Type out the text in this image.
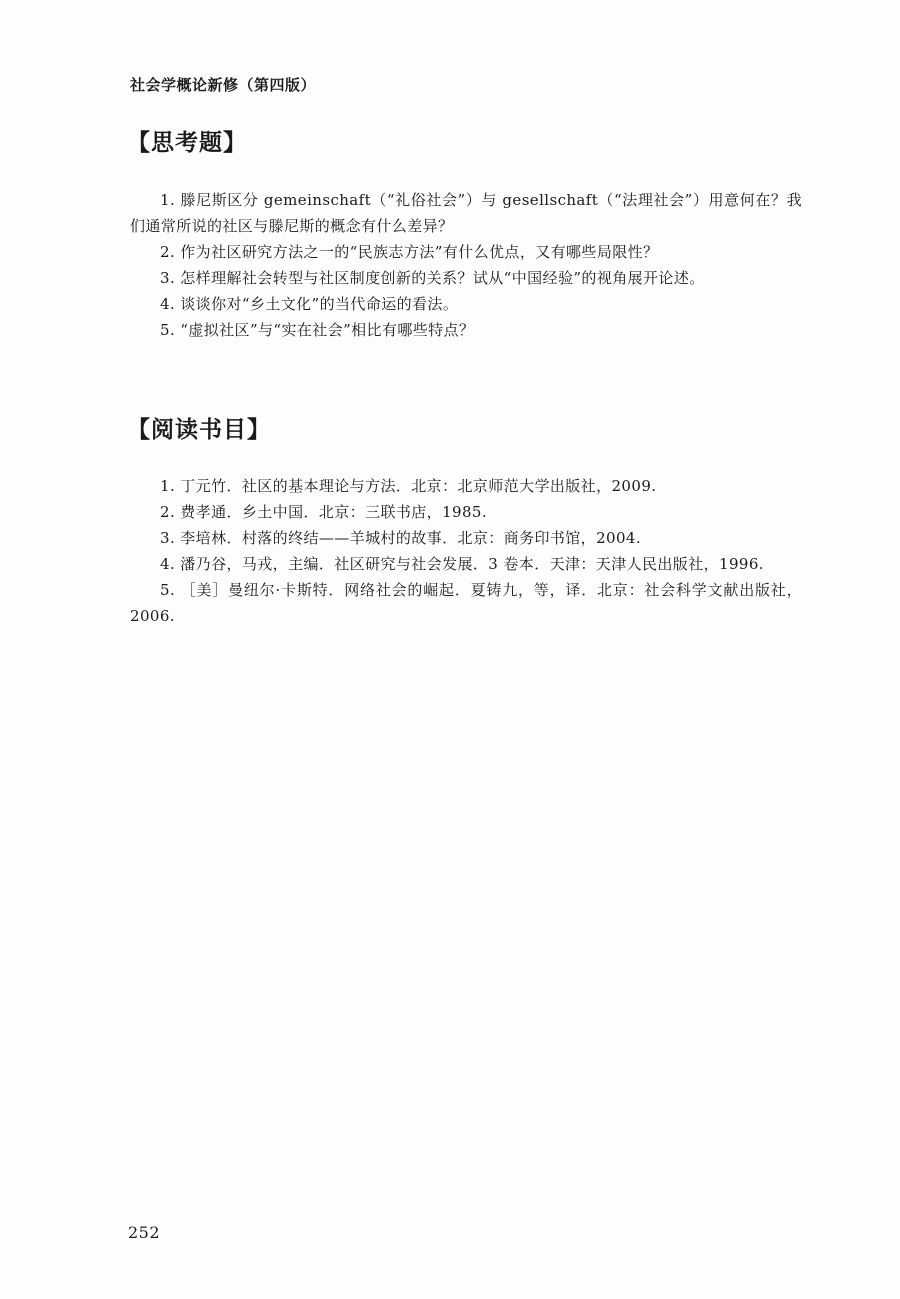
社会学概论新修（第四版）
【思考题】
1. 滕尼斯区分 gemeinschaft（“礼俗社会”）与 gesellschaft（“法理社会”）用意何在？我们通常所说的社区与滕尼斯的概念有什么差异？
2. 作为社区研究方法之一的“民族志方法”有什么优点，又有哪些局限性？
3. 怎样理解社会转型与社区制度创新的关系？试从“中国经验”的视角展开论述。
4. 谈谈你对“乡土文化”的当代命运的看法。
5. “虚拟社区”与“实在社会”相比有哪些特点？
【阅读书目】
1. 丁元竹．社区的基本理论与方法．北京：北京师范大学出版社，2009.
2. 费孝通．乡土中国．北京：三联书店，1985.
3. 李培林．村落的终结——羊城村的故事．北京：商务印书馆，2004.
4. 潘乃谷，马戎，主编．社区研究与社会发展．3 卷本．天津：天津人民出版社，1996.
5. ［美］曼纽尔·卡斯特．网络社会的崛起．夏铸九，等，译．北京：社会科学文献出版社，2006.
252
